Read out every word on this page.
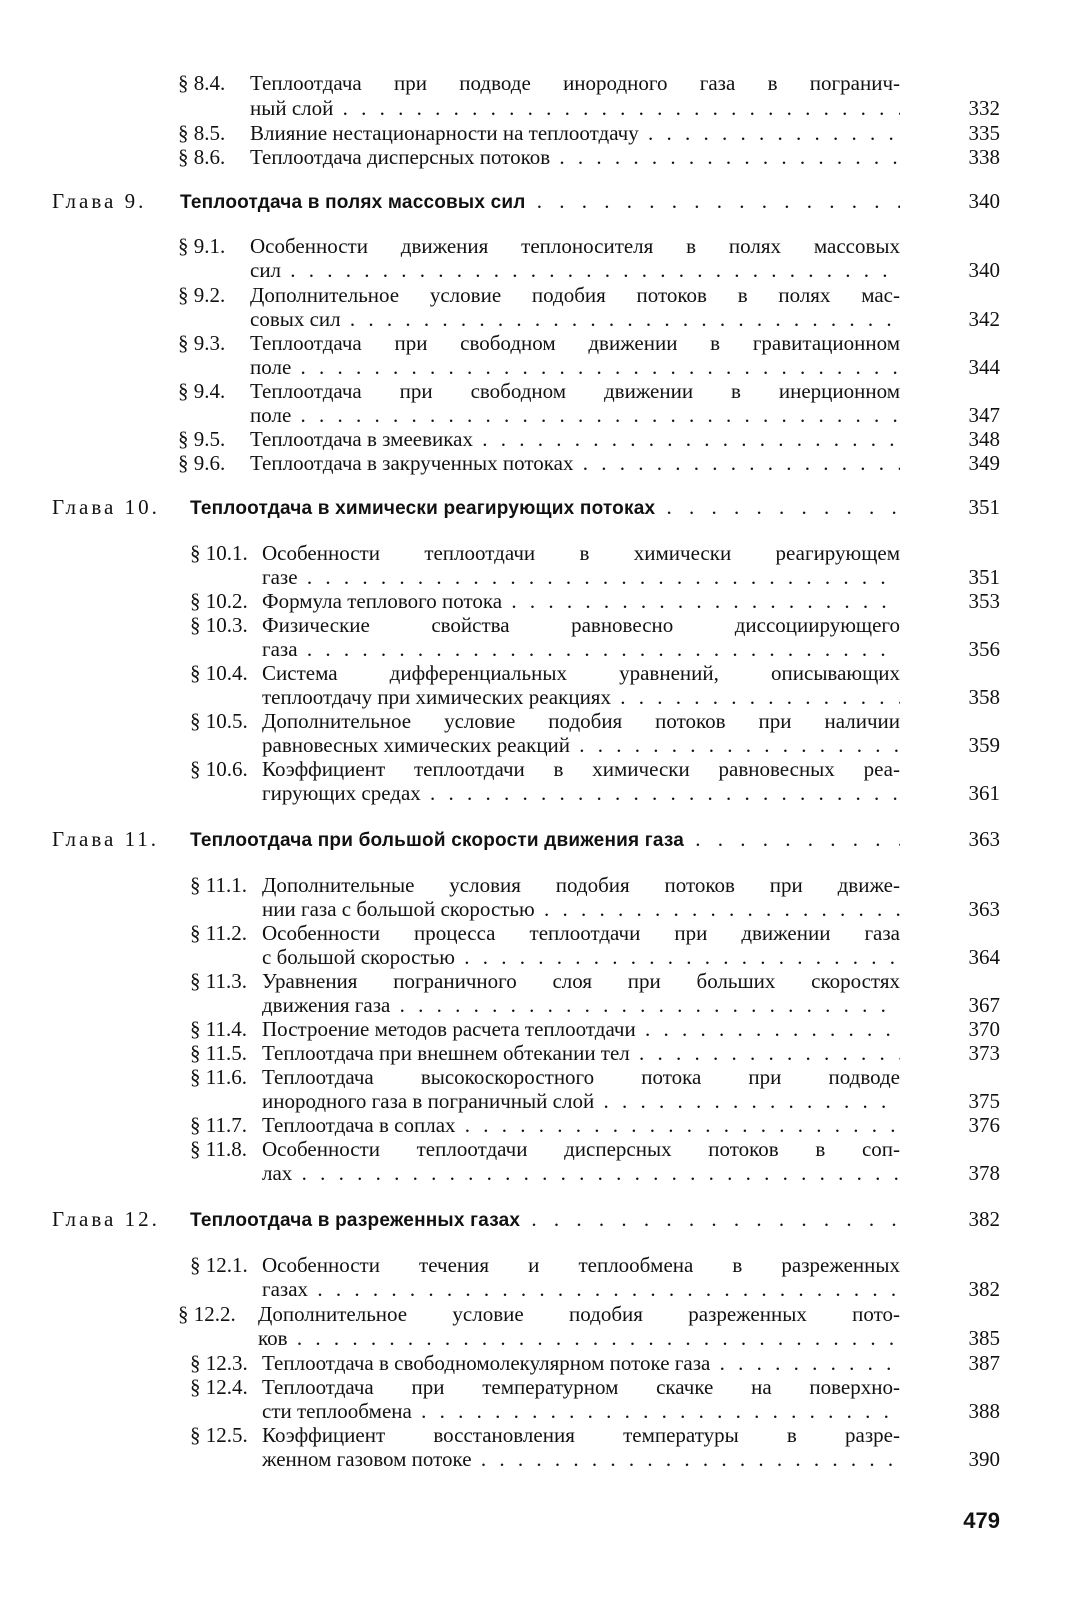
§ 8.4. Теплоотдача при подводе инородного газа в погранич-
ный слой . . .	332
§ 8.5. Влияние нестационарности на теплоотдачу . . .	335
§ 8.6. Теплоотдача дисперсных потоков . . .	338
Глава 9. Теплоотдача в полях массовых сил . . .	340
§ 9.1. Особенности движения теплоносителя в полях массовых
сил . . .	340
§ 9.2. Дополнительное условие подобия потоков в полях мас-
совых сил . . .	342
§ 9.3. Теплоотдача при свободном движении в гравитационном
поле . . .	344
§ 9.4. Теплоотдача при свободном движении в инерционном
поле . . .	347
§ 9.5. Теплоотдача в змеевиках . . .	348
§ 9.6. Теплоотдача в закрученных потоках . . .	349
Глава 10. Теплоотдача в химически реагирующих потоках . . .	351
§ 10.1. Особенности теплоотдачи в химически реагирующем
газе . . .	351
§ 10.2. Формула теплового потока . . .	353
§ 10.3. Физические свойства равновесно диссоциирующего
газа . . .	356
§ 10.4. Система дифференциальных уравнений, описывающих
теплоотдачу при химических реакциях . . .	358
§ 10.5. Дополнительное условие подобия потоков при наличии
равновесных химических реакций . . .	359
§ 10.6. Коэффициент теплоотдачи в химически равновесных реа-
гирующих средах . . .	361
Глава 11. Теплоотдача при большой скорости движения газа . . .	363
§ 11.1. Дополнительные условия подобия потоков при движе-
нии газа с большой скоростью . . .	363
§ 11.2. Особенности процесса теплоотдачи при движении газа
с большой скоростью . . .	364
§ 11.3. Уравнения пограничного слоя при больших скоростях
движения газа . . .	367
§ 11.4. Построение методов расчета теплоотдачи . . .	370
§ 11.5. Теплоотдача при внешнем обтекании тел . . .	373
§ 11.6. Теплоотдача высокоскоростного потока при подводе
инородного газа в пограничный слой . . .	375
§ 11.7. Теплоотдача в соплах . . .	376
§ 11.8. Особенности теплоотдачи дисперсных потоков в соп-
лах . . .	378
Глава 12. Теплоотдача в разреженных газах . . .	382
§ 12.1. Особенности течения и теплообмена в разреженных
газах . . .	382
§ 12.2. Дополнительное условие подобия разреженных пото-
ков . . .	385
§ 12.3. Теплоотдача в свободномолекулярном потоке газа . . .	387
§ 12.4. Теплоотдача при температурном скачке на поверхно-
сти теплообмена . . .	388
§ 12.5. Коэффициент восстановления температуры в разре-
женном газовом потоке . . .	390
479
